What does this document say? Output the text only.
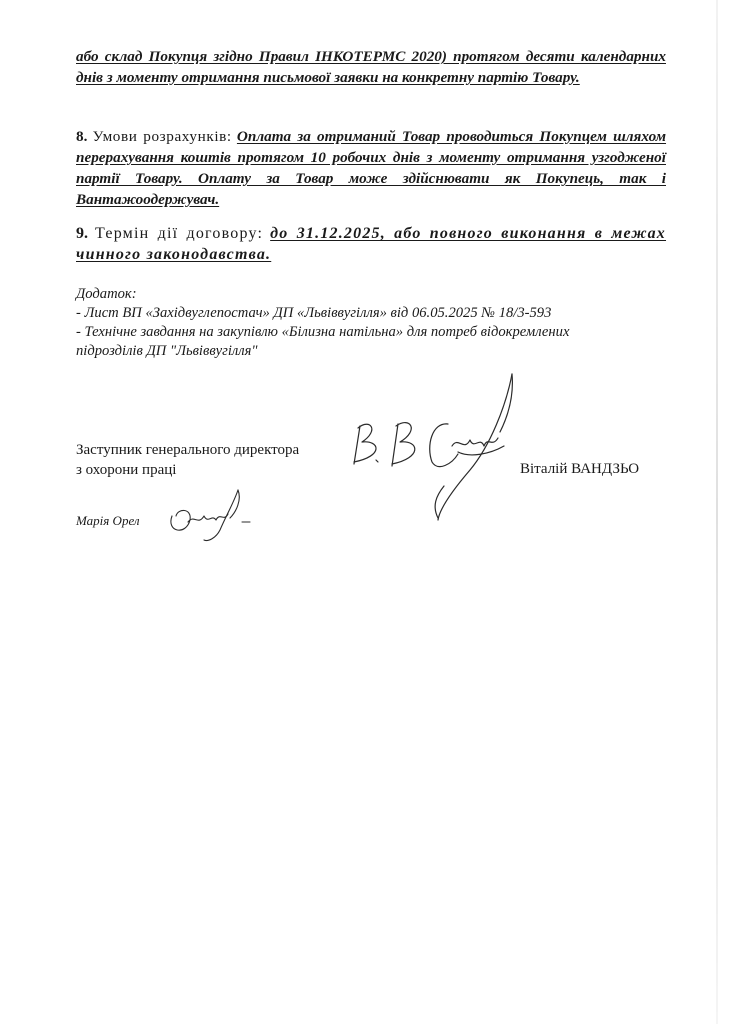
або склад Покупця згідно Правил ІНКОТЕРМС 2020) протягом десяти календарних днів з моменту отримання письмової заявки на конкретну партію Товару.
8. Умови розрахунків: Оплата за отриманий Товар проводиться Покупцем шляхом перерахування коштів протягом 10 робочих днів з моменту отримання узгодженої партії Товару. Оплату за Товар може здійснювати як Покупець, так і Вантажоодержувач.
9. Термін дії договору: до 31.12.2025, або повного виконання в межах чинного законодавства.
Додаток:
- Лист ВП «Західвуглепостач» ДП «Львіввугілля» від 06.05.2025 № 18/3-593
- Технічне завдання на закупівлю «Білизна натільна» для потреб відокремлених
підрозділів ДП "Львіввугілля"
Заступник генерального директора
з охорони праці	Віталій ВАНДЗЬО
Марія Орел
